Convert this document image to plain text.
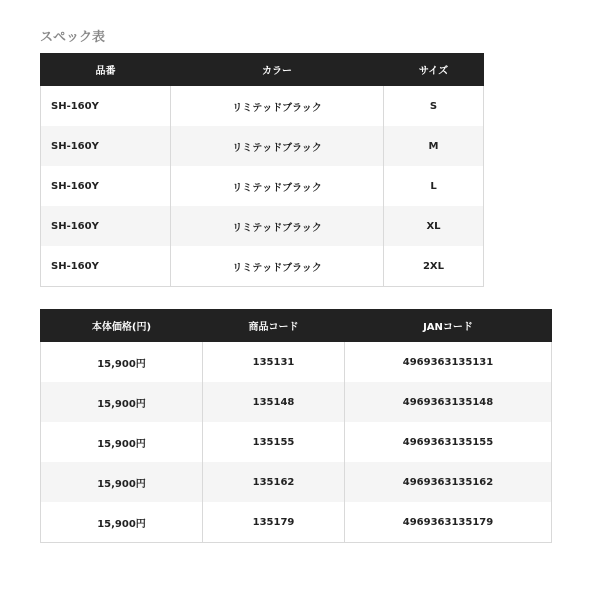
スペック表
品番	カラー	サイズ
SH-160Y	リミテッドブラック	S
SH-160Y	リミテッドブラック	M
SH-160Y	リミテッドブラック	L
SH-160Y	リミテッドブラック	XL
SH-160Y	リミテッドブラック	2XL
本体価格(円)	商品コード	JANコード
15,900円	135131	4969363135131
15,900円	135148	4969363135148
15,900円	135155	4969363135155
15,900円	135162	4969363135162
15,900円	135179	4969363135179
